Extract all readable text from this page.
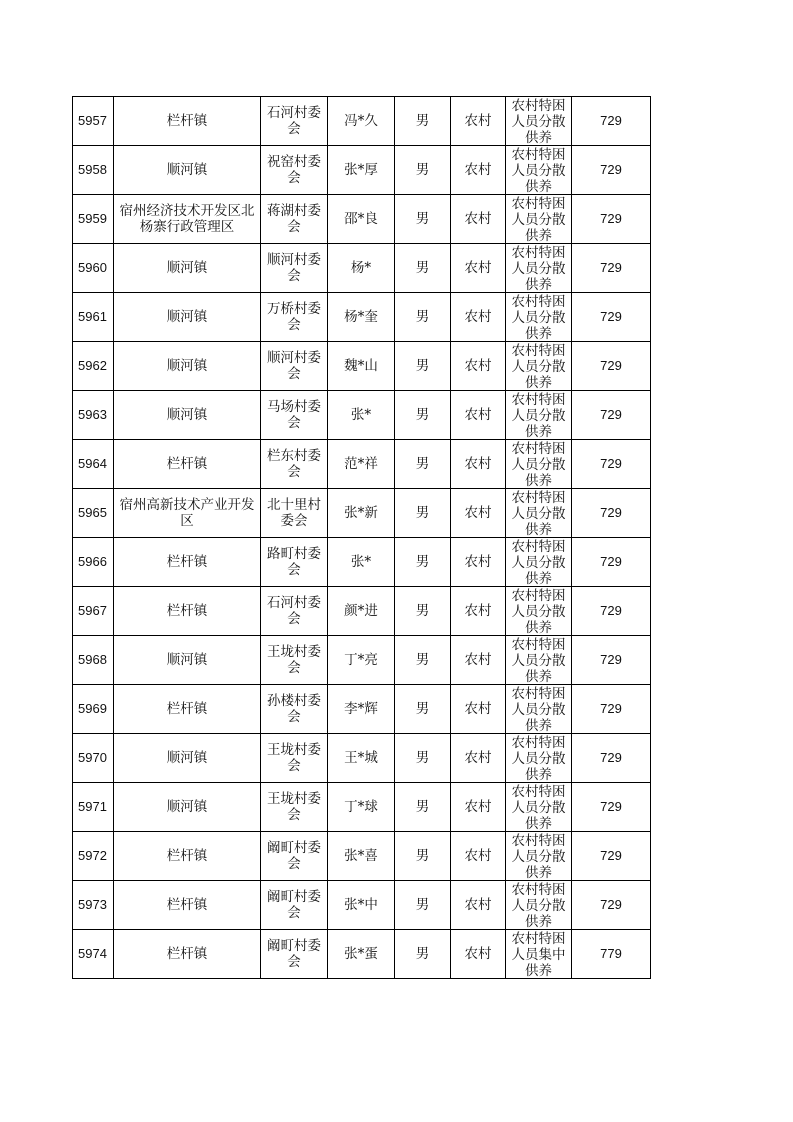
5957	栏杆镇	石河村委会	冯*久	男	农村	农村特困人员分散供养	729
5958	顺河镇	祝窑村委会	张*厚	男	农村	农村特困人员分散供养	729
5959	宿州经济技术开发区北杨寨行政管理区	蒋湖村委会	邵*良	男	农村	农村特困人员分散供养	729
5960	顺河镇	顺河村委会	杨*	男	农村	农村特困人员分散供养	729
5961	顺河镇	万桥村委会	杨*奎	男	农村	农村特困人员分散供养	729
5962	顺河镇	顺河村委会	魏*山	男	农村	农村特困人员分散供养	729
5963	顺河镇	马场村委会	张*	男	农村	农村特困人员分散供养	729
5964	栏杆镇	栏东村委会	范*祥	男	农村	农村特困人员分散供养	729
5965	宿州高新技术产业开发区	北十里村委会	张*新	男	农村	农村特困人员分散供养	729
5966	栏杆镇	路町村委会	张*	男	农村	农村特困人员分散供养	729
5967	栏杆镇	石河村委会	颜*进	男	农村	农村特困人员分散供养	729
5968	顺河镇	王垅村委会	丁*亮	男	农村	农村特困人员分散供养	729
5969	栏杆镇	孙楼村委会	李*辉	男	农村	农村特困人员分散供养	729
5970	顺河镇	王垅村委会	王*城	男	农村	农村特困人员分散供养	729
5971	顺河镇	王垅村委会	丁*球	男	农村	农村特困人员分散供养	729
5972	栏杆镇	阚町村委会	张*喜	男	农村	农村特困人员分散供养	729
5973	栏杆镇	阚町村委会	张*中	男	农村	农村特困人员分散供养	729
5974	栏杆镇	阚町村委会	张*蛋	男	农村	农村特困人员集中供养	779
